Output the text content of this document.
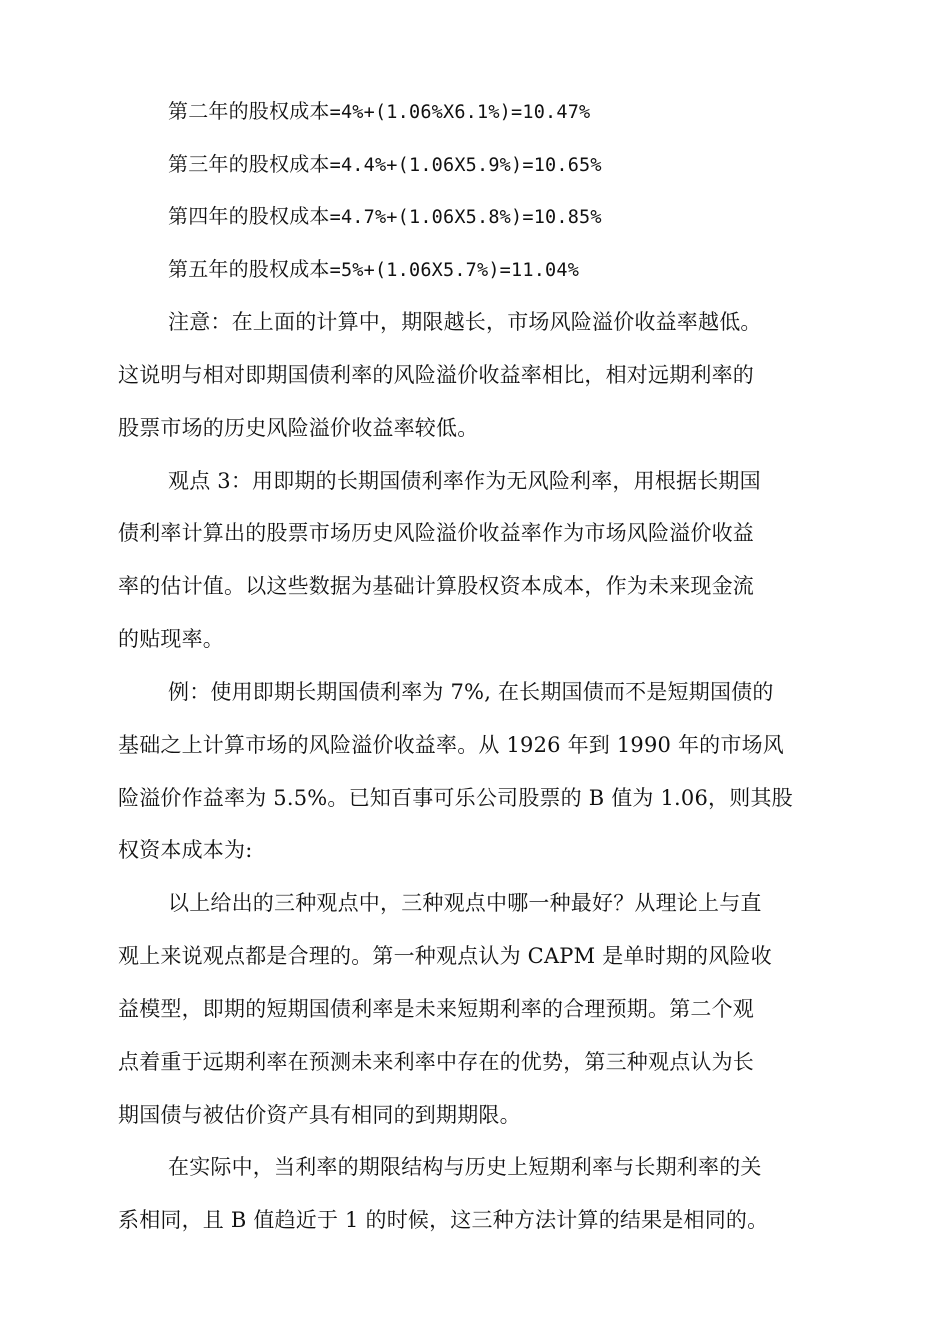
第二年的股权成本=4%+(1.06%X6.1%)=10.47%
第三年的股权成本=4.4%+(1.06X5.9%)=10.65%
第四年的股权成本=4.7%+(1.06X5.8%)=10.85%
第五年的股权成本=5%+(1.06X5.7%)=11.04%
注意：在上面的计算中，期限越长，市场风险溢价收益率越低。
这说明与相对即期国债利率的风险溢价收益率相比，相对远期利率的
股票市场的历史风险溢价收益率较低。
观点 3：用即期的长期国债利率作为无风险利率，用根据长期国
债利率计算出的股票市场历史风险溢价收益率作为市场风险溢价收益
率的估计值。以这些数据为基础计算股权资本成本，作为未来现金流
的贴现率。
例：使用即期长期国债利率为 7%, 在长期国债而不是短期国债的
基础之上计算市场的风险溢价收益率。从 1926 年到 1990 年的市场风
险溢价作益率为 5.5%。已知百事可乐公司股票的 B 值为 1.06，则其股
权资本成本为:
以上给出的三种观点中，三种观点中哪一种最好？从理论上与直
观上来说观点都是合理的。第一种观点认为 CAPM 是单时期的风险收
益模型，即期的短期国债利率是未来短期利率的合理预期。第二个观
点着重于远期利率在预测未来利率中存在的优势，第三种观点认为长
期国债与被估价资产具有相同的到期期限。
在实际中，当利率的期限结构与历史上短期利率与长期利率的关
系相同，且 B 值趋近于 1 的时候，这三种方法计算的结果是相同的。
